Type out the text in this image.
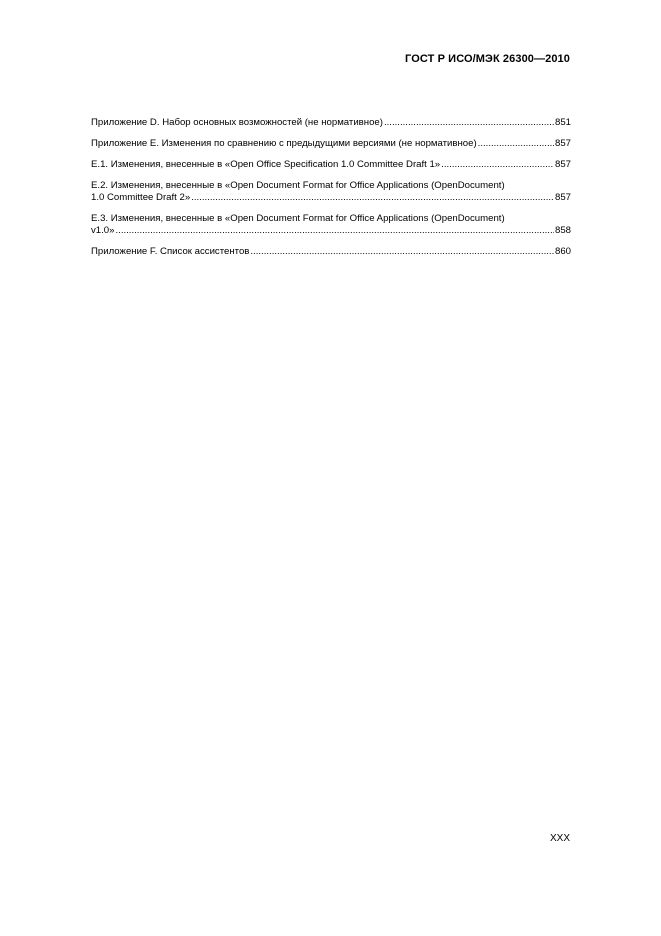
ГОСТ Р ИСО/МЭК 26300—2010
Приложение D. Набор основных возможностей (не нормативное) .....	851
Приложение E. Изменения по сравнению с предыдущими версиями (не нормативное) .....	857
E.1. Изменения, внесенные в «Open Office Specification 1.0 Committee Draft 1» .....	857
E.2. Изменения, внесенные в «Open Document Format for Office Applications (OpenDocument)
1.0 Committee Draft 2» .....	857
E.3. Изменения, внесенные в «Open Document Format for Office Applications (OpenDocument)
v1.0» .....	858
Приложение F. Список ассистентов .....	860
XXX
